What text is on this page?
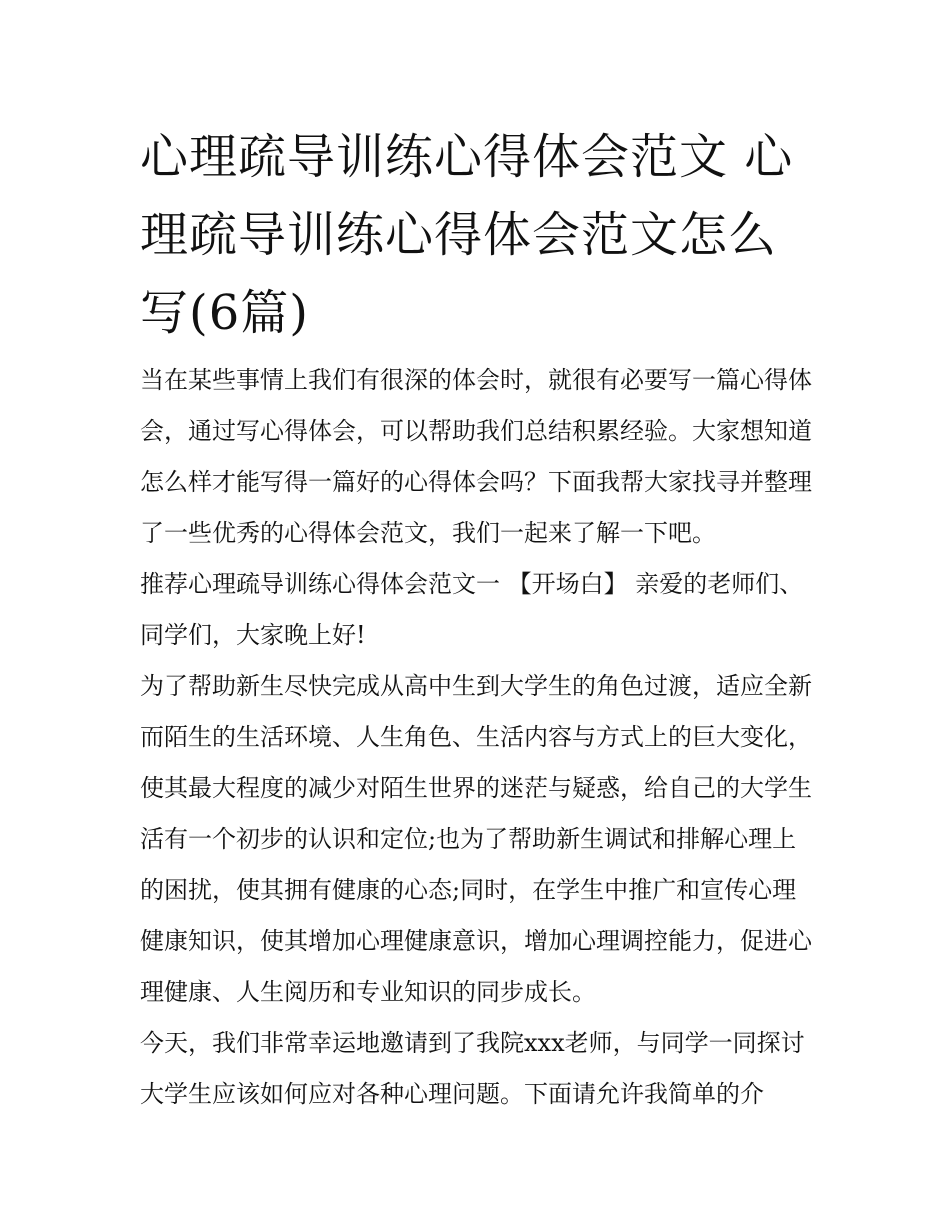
心理疏导训练心得体会范文 心理疏导训练心得体会范文怎么写(6篇)

当在某些事情上我们有很深的体会时，就很有必要写一篇心得体会，通过写心得体会，可以帮助我们总结积累经验。大家想知道怎么样才能写得一篇好的心得体会吗？下面我帮大家找寻并整理了一些优秀的心得体会范文，我们一起来了解一下吧。

推荐心理疏导训练心得体会范文一 【开场白】 亲爱的老师们、同学们，大家晚上好!

为了帮助新生尽快完成从高中生到大学生的角色过渡，适应全新而陌生的生活环境、人生角色、生活内容与方式上的巨大变化，使其最大程度的减少对陌生世界的迷茫与疑惑，给自己的大学生活有一个初步的认识和定位;也为了帮助新生调试和排解心理上的困扰，使其拥有健康的心态;同时，在学生中推广和宣传心理健康知识，使其增加心理健康意识，增加心理调控能力，促进心理健康、人生阅历和专业知识的同步成长。

今天，我们非常幸运地邀请到了我院xxx老师，与同学一同探讨大学生应该如何应对各种心理问题。下面请允许我简单的介
